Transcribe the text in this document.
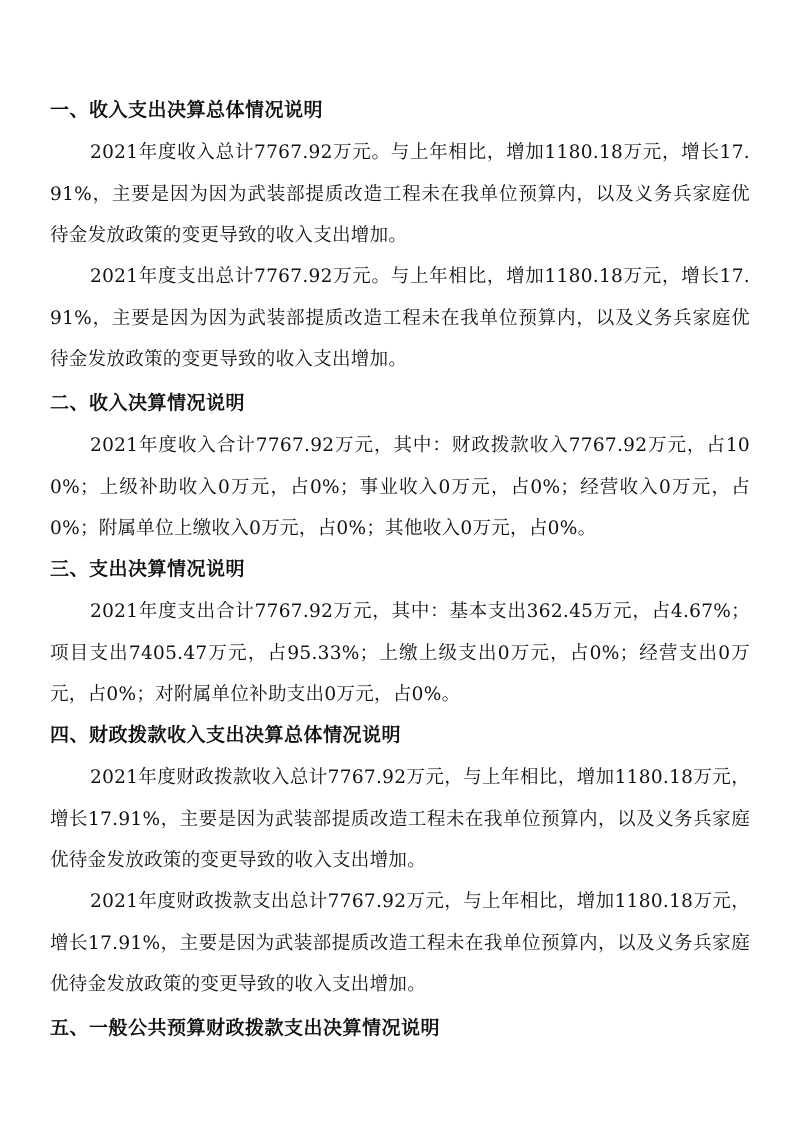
一、收入支出决算总体情况说明

2021年度收入总计7767.92万元。与上年相比，增加1180.18万元，增长17.91%，主要是因为因为武装部提质改造工程未在我单位预算内，以及义务兵家庭优待金发放政策的变更导致的收入支出增加。

2021年度支出总计7767.92万元。与上年相比，增加1180.18万元，增长17.91%，主要是因为因为武装部提质改造工程未在我单位预算内，以及义务兵家庭优待金发放政策的变更导致的收入支出增加。

二、收入决算情况说明

2021年度收入合计7767.92万元，其中：财政拨款收入7767.92万元，占100%；上级补助收入0万元，占0%；事业收入0万元，占0%；经营收入0万元，占0%；附属单位上缴收入0万元，占0%；其他收入0万元，占0%。

三、支出决算情况说明

2021年度支出合计7767.92万元，其中：基本支出362.45万元，占4.67%；项目支出7405.47万元，占95.33%；上缴上级支出0万元，占0%；经营支出0万元，占0%；对附属单位补助支出0万元，占0%。

四、财政拨款收入支出决算总体情况说明

2021年度财政拨款收入总计7767.92万元，与上年相比，增加1180.18万元，增长17.91%，主要是因为武装部提质改造工程未在我单位预算内，以及义务兵家庭优待金发放政策的变更导致的收入支出增加。

2021年度财政拨款支出总计7767.92万元，与上年相比，增加1180.18万元，增长17.91%，主要是因为武装部提质改造工程未在我单位预算内，以及义务兵家庭优待金发放政策的变更导致的收入支出增加。

五、一般公共预算财政拨款支出决算情况说明
